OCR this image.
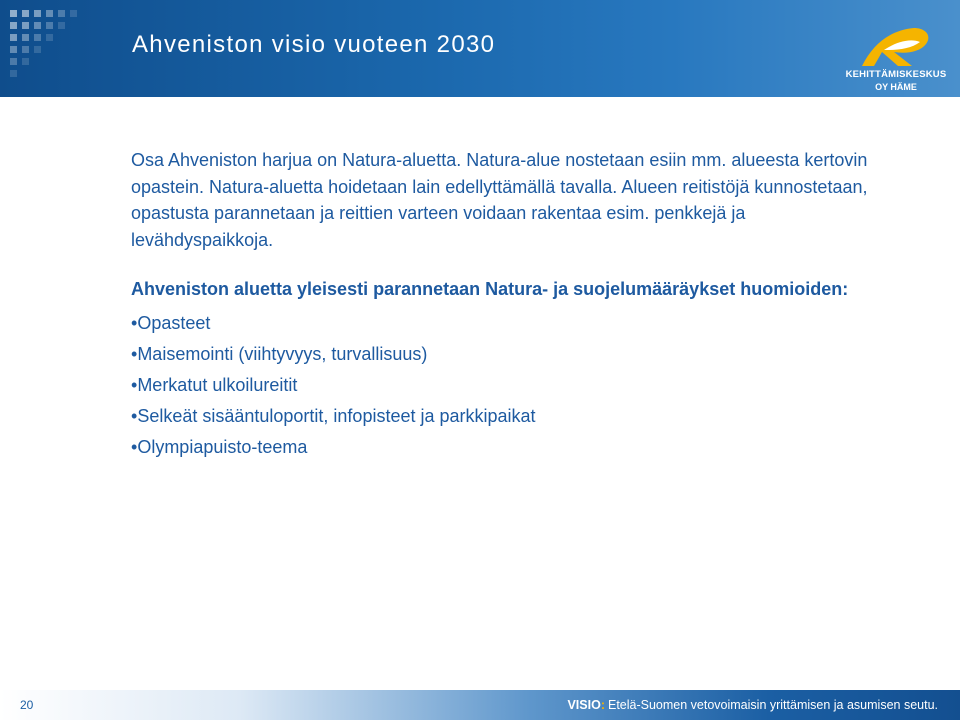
Ahveniston visio vuoteen 2030
KEHITTÄMISKESKUS
OY HÄME

Osa Ahveniston harjua on Natura-aluetta. Natura-alue nostetaan esiin mm. alueesta kertovin opastein. Natura-aluetta hoidetaan lain edellyttämällä tavalla. Alueen reitistöjä kunnostetaan, opastusta parannetaan ja reittien varteen voidaan rakentaa esim. penkkejä ja levähdyspaikkoja.

Ahveniston aluetta yleisesti parannetaan Natura- ja suojelumääräykset huomioiden:

•Opasteet
•Maisemointi (viihtyvyys, turvallisuus)
•Merkatut ulkoilureitit
•Selkeät sisääntuloportit, infopisteet ja parkkipaikat
•Olympiapuisto-teema
20	VISIO: Etelä-Suomen vetovoimaisin yrittämisen ja asumisen seutu.
